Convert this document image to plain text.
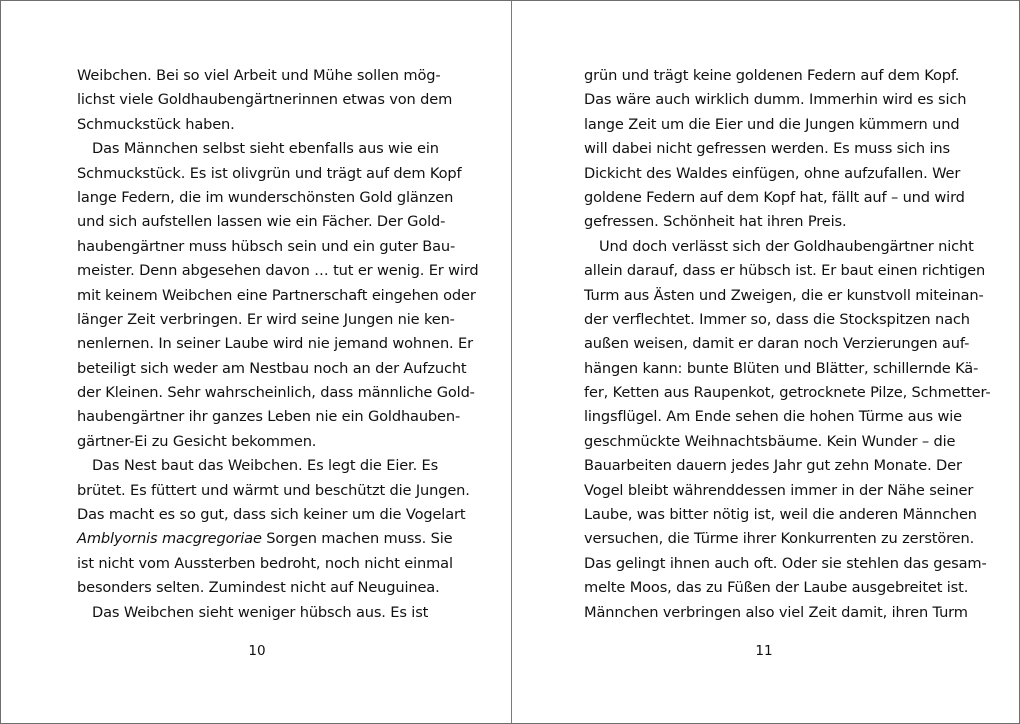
Weibchen. Bei so viel Arbeit und Mühe sollen mög-
lichst viele Goldhaubengärtnerinnen etwas von dem
Schmuckstück haben.
Das Männchen selbst sieht ebenfalls aus wie ein
Schmuckstück. Es ist olivgrün und trägt auf dem Kopf
lange Federn, die im wunderschönsten Gold glänzen
und sich aufstellen lassen wie ein Fächer. Der Gold-
haubengärtner muss hübsch sein und ein guter Bau-
meister. Denn abgesehen davon … tut er wenig. Er wird
mit keinem Weibchen eine Partnerschaft eingehen oder
länger Zeit verbringen. Er wird seine Jungen nie ken-
nenlernen. In seiner Laube wird nie jemand wohnen. Er
beteiligt sich weder am Nestbau noch an der Aufzucht
der Kleinen. Sehr wahrscheinlich, dass männliche Gold-
haubengärtner ihr ganzes Leben nie ein Goldhauben-
gärtner-Ei zu Gesicht bekommen.
Das Nest baut das Weibchen. Es legt die Eier. Es
brütet. Es füttert und wärmt und beschützt die Jungen.
Das macht es so gut, dass sich keiner um die Vogelart
Amblyornis macgregoriae Sorgen machen muss. Sie
ist nicht vom Aussterben bedroht, noch nicht einmal
besonders selten. Zumindest nicht auf Neuguinea.
Das Weibchen sieht weniger hübsch aus. Es ist
10
grün und trägt keine goldenen Federn auf dem Kopf.
Das wäre auch wirklich dumm. Immerhin wird es sich
lange Zeit um die Eier und die Jungen kümmern und
will dabei nicht gefressen werden. Es muss sich ins
Dickicht des Waldes einfügen, ohne aufzufallen. Wer
goldene Federn auf dem Kopf hat, fällt auf – und wird
gefressen. Schönheit hat ihren Preis.
Und doch verlässt sich der Goldhaubengärtner nicht
allein darauf, dass er hübsch ist. Er baut einen richtigen
Turm aus Ästen und Zweigen, die er kunstvoll miteinan-
der verflechtet. Immer so, dass die Stockspitzen nach
außen weisen, damit er daran noch Verzierungen auf-
hängen kann: bunte Blüten und Blätter, schillernde Kä-
fer, Ketten aus Raupenkot, getrocknete Pilze, Schmetter-
lingsflügel. Am Ende sehen die hohen Türme aus wie
geschmückte Weihnachtsbäume. Kein Wunder – die
Bauarbeiten dauern jedes Jahr gut zehn Monate. Der
Vogel bleibt währenddessen immer in der Nähe seiner
Laube, was bitter nötig ist, weil die anderen Männchen
versuchen, die Türme ihrer Konkurrenten zu zerstören.
Das gelingt ihnen auch oft. Oder sie stehlen das gesam-
melte Moos, das zu Füßen der Laube ausgebreitet ist.
Männchen verbringen also viel Zeit damit, ihren Turm
11
